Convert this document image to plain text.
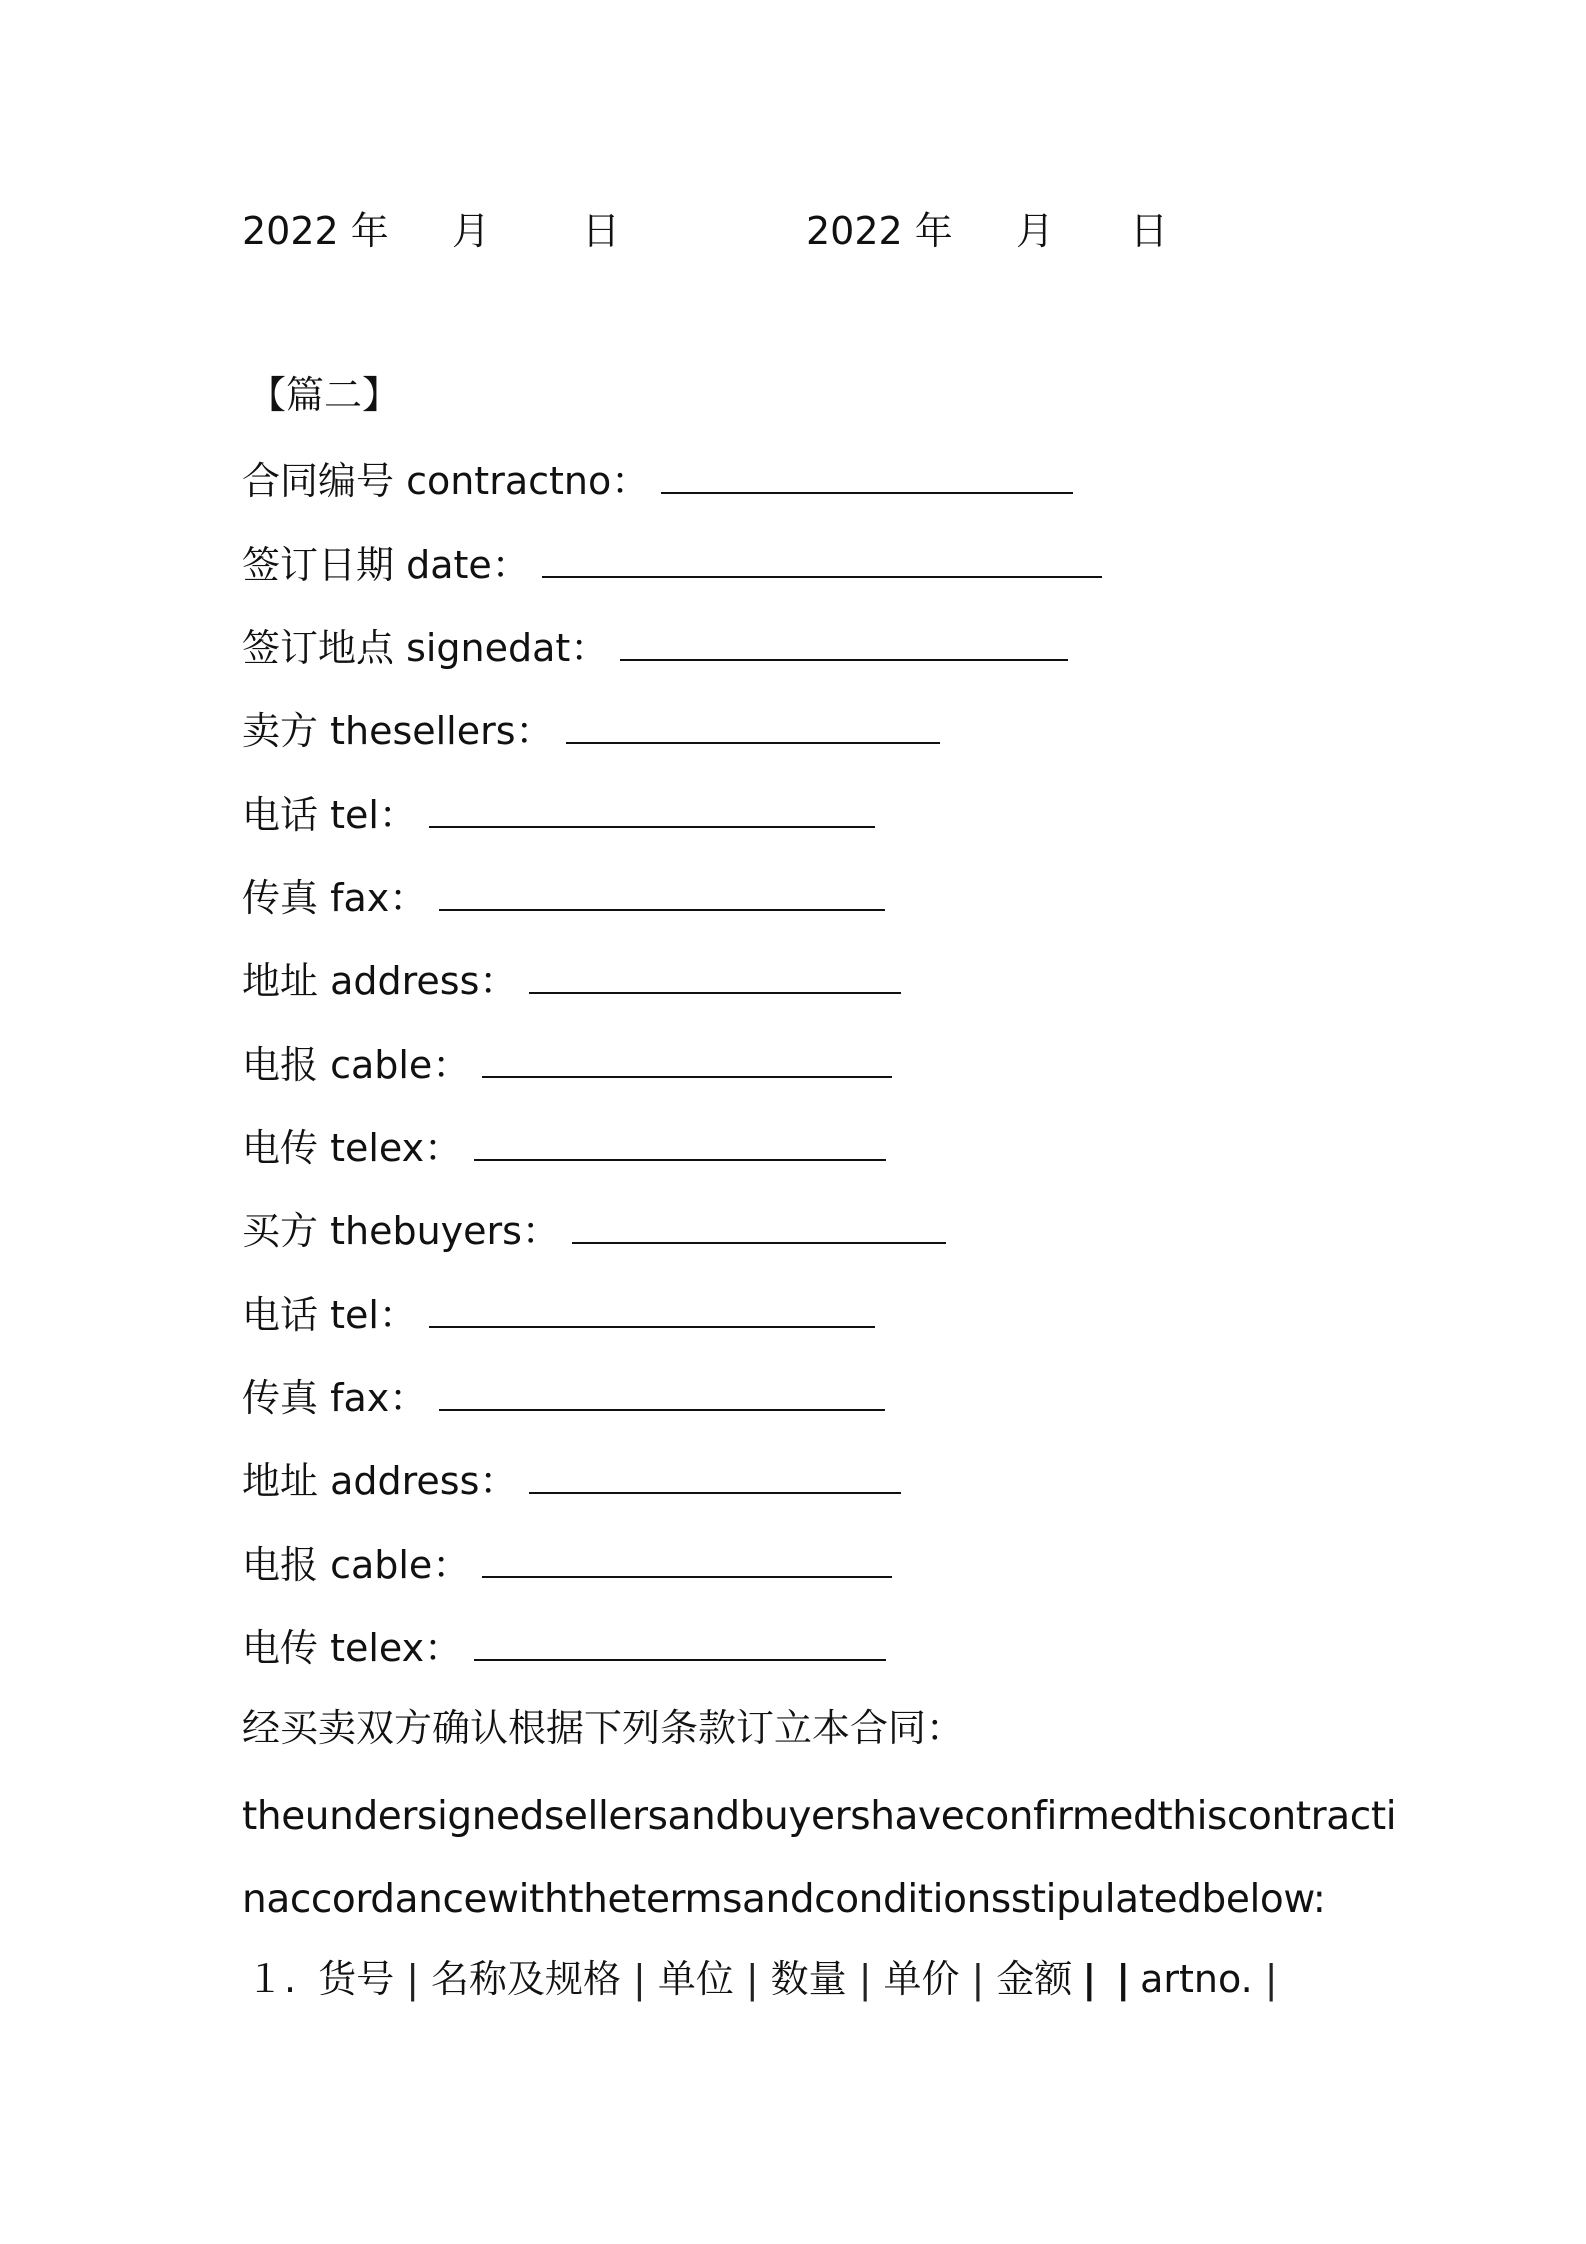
2022 年 月 日	2022 年 月 日
【篇二】
合同编号 contractno：
签订日期 date：
签订地点 signedat：
卖方 thesellers：
电话 tel：
传真 fax：
地址 address：
电报 cable：
电传 telex：
买方 thebuyers：
电话 tel：
传真 fax：
地址 address：
电报 cable：
电传 telex：
经买卖双方确认根据下列条款订立本合同：
theundersignedsellersandbuyershaveconfirmedthiscontracti
naccordancewiththetermsandconditionsstipulatedbelow:
１. 货号 | 名称及规格 | 单位 | 数量 | 单价 | 金额 | | artno. |
